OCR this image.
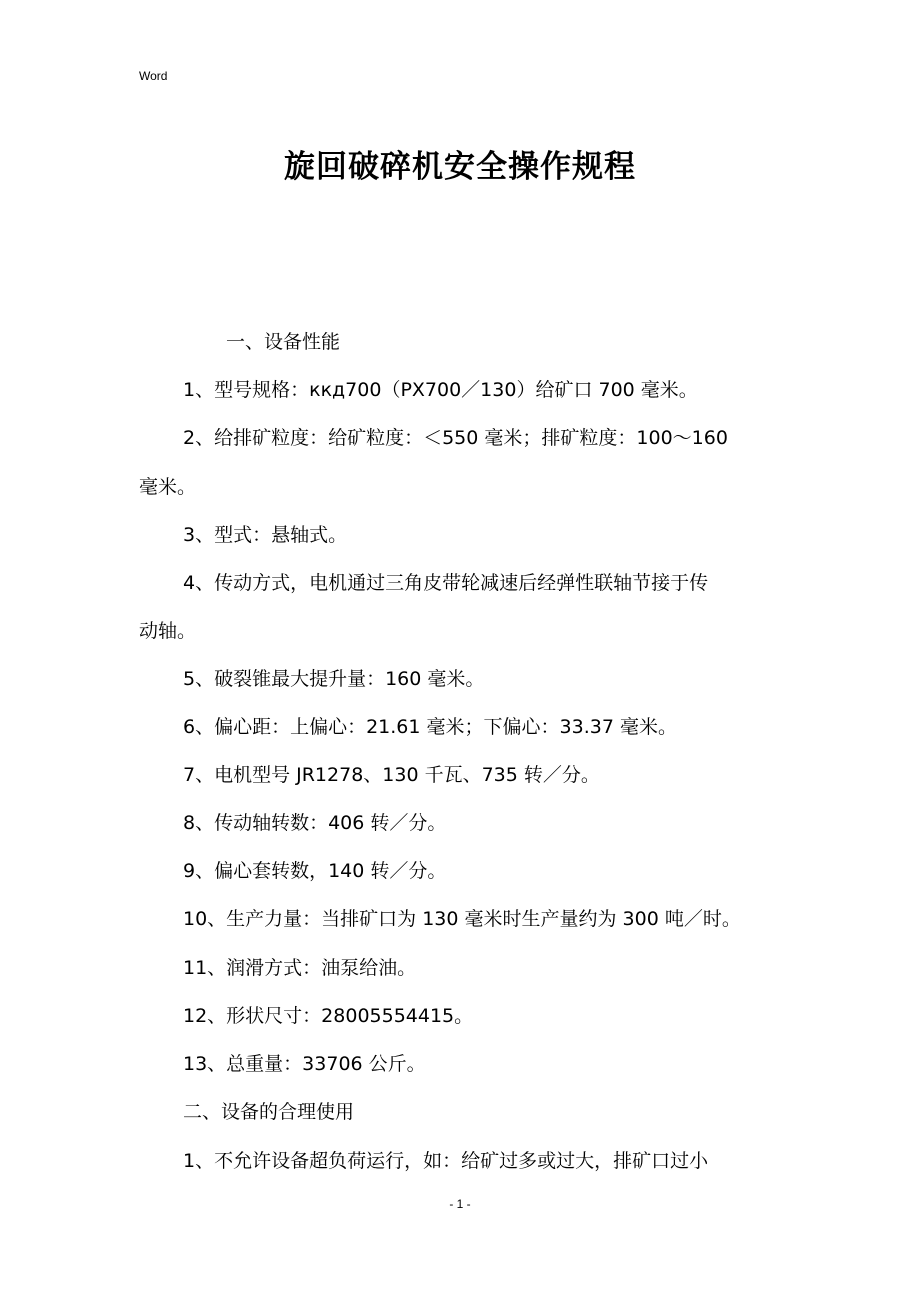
Word
旋回破碎机安全操作规程
一、设备性能
1、型号规格：ккд700（PX700／130）给矿口 700 毫米。
2、给排矿粒度：给矿粒度：＜550 毫米；排矿粒度：100～160
毫米。
3、型式：悬轴式。
4、传动方式，电机通过三角皮带轮减速后经弹性联轴节接于传
动轴。
5、破裂锥最大提升量：160 毫米。
6、偏心距：上偏心：21.61 毫米；下偏心：33.37 毫米。
7、电机型号 JR1278、130 千瓦、735 转／分。
8、传动轴转数：406 转／分。
9、偏心套转数，140 转／分。
10、生产力量：当排矿口为 130 毫米时生产量约为 300 吨／时。
11、润滑方式：油泵给油。
12、形状尺寸：28005554415。
13、总重量：33706 公斤。
二、设备的合理使用
1、不允许设备超负荷运行，如：给矿过多或过大，排矿口过小
- 1 -
